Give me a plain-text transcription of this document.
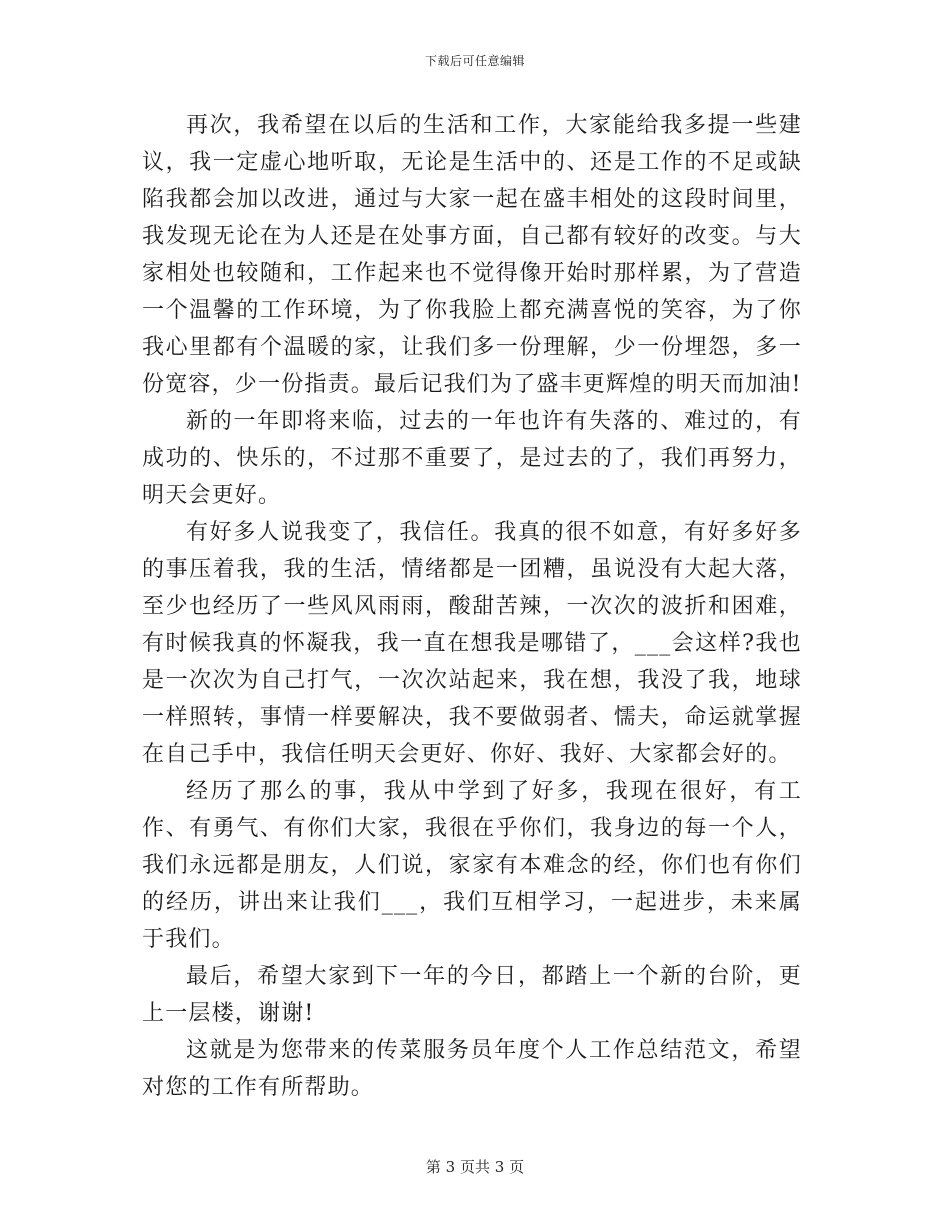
下载后可任意编辑

再次，我希望在以后的生活和工作，大家能给我多提一些建议，我一定虚心地听取，无论是生活中的、还是工作的不足或缺陷我都会加以改进，通过与大家一起在盛丰相处的这段时间里，我发现无论在为人还是在处事方面，自己都有较好的改变。与大家相处也较随和，工作起来也不觉得像开始时那样累，为了营造一个温馨的工作环境，为了你我脸上都充满喜悦的笑容，为了你我心里都有个温暖的家，让我们多一份理解，少一份埋怨，多一份宽容，少一份指责。最后记我们为了盛丰更辉煌的明天而加油!

新的一年即将来临，过去的一年也许有失落的、难过的，有成功的、快乐的，不过那不重要了，是过去的了，我们再努力，明天会更好。

有好多人说我变了，我信任。我真的很不如意，有好多好多的事压着我，我的生活，情绪都是一团糟，虽说没有大起大落，至少也经历了一些风风雨雨，酸甜苦辣，一次次的波折和困难，有时候我真的怀凝我，我一直在想我是哪错了，___会这样?我也是一次次为自己打气，一次次站起来，我在想，我没了我，地球一样照转，事情一样要解决，我不要做弱者、懦夫，命运就掌握在自己手中，我信任明天会更好、你好、我好、大家都会好的。

经历了那么的事，我从中学到了好多，我现在很好，有工作、有勇气、有你们大家，我很在乎你们，我身边的每一个人，我们永远都是朋友，人们说，家家有本难念的经，你们也有你们的经历，讲出来让我们___，我们互相学习，一起进步，未来属于我们。

最后，希望大家到下一年的今日，都踏上一个新的台阶，更上一层楼，谢谢!

这就是为您带来的传菜服务员年度个人工作总结范文，希望对您的工作有所帮助。

第 3 页共 3 页
